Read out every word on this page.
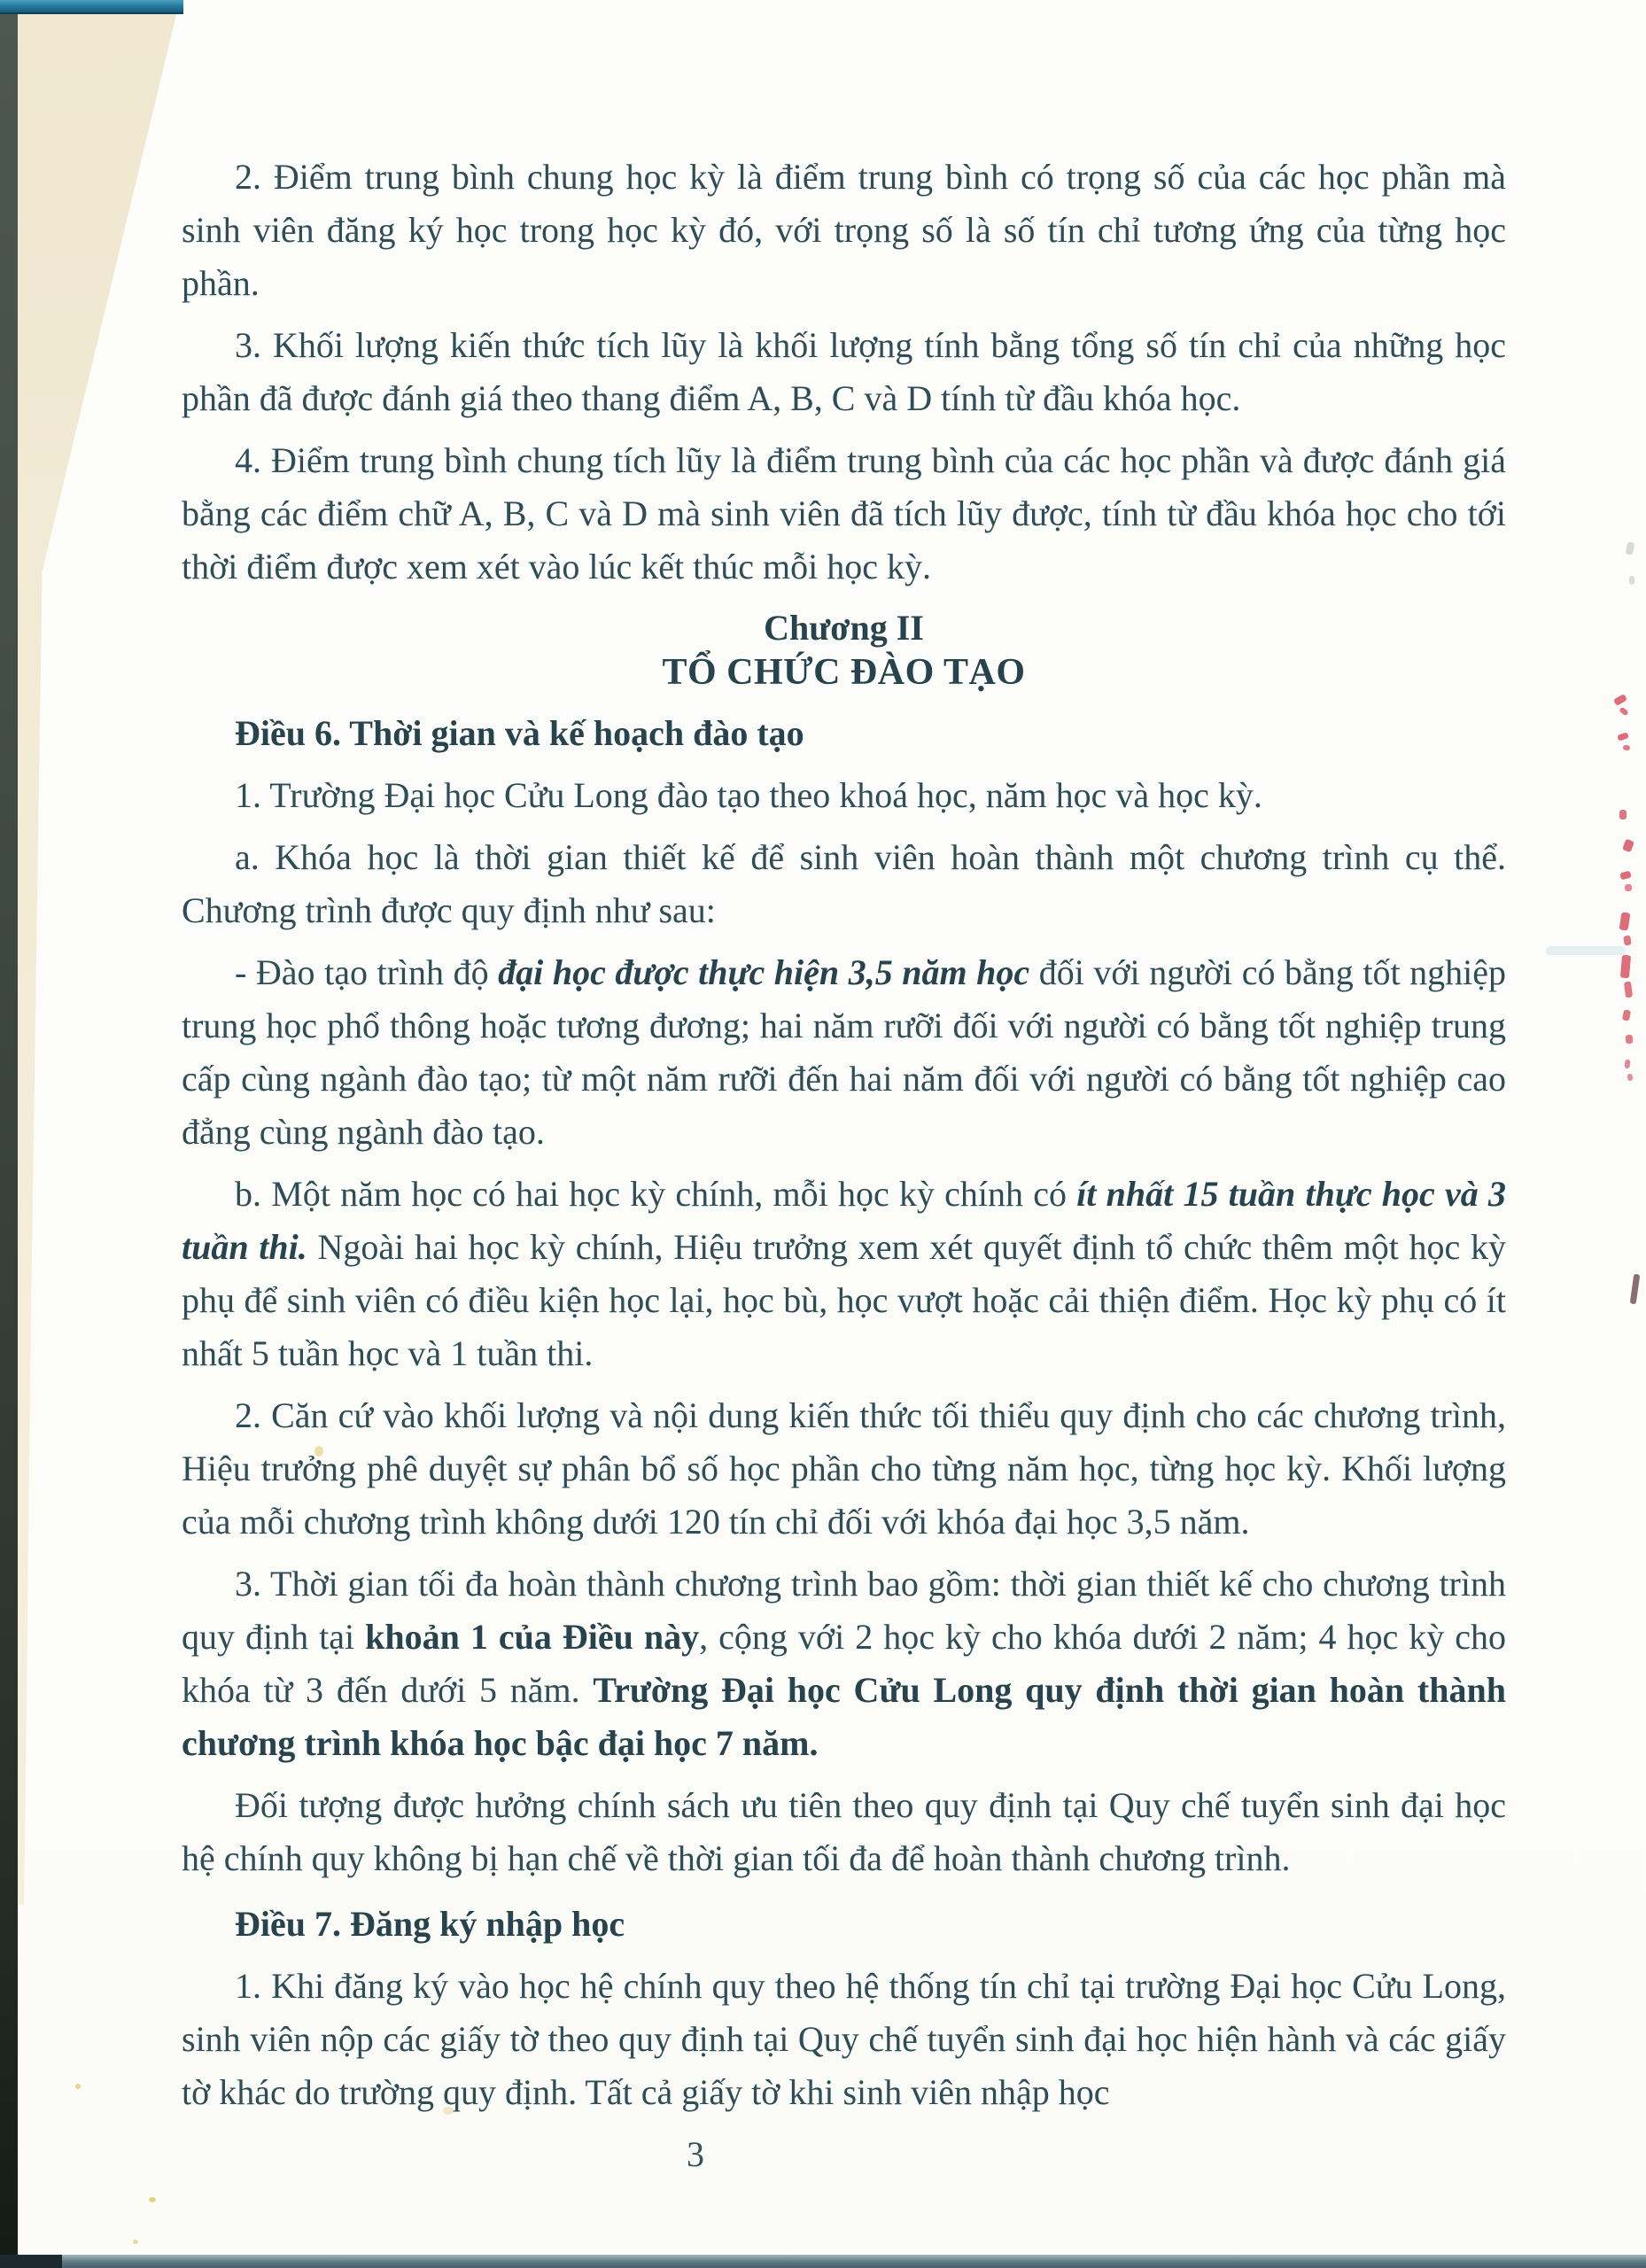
2. Điểm trung bình chung học kỳ là điểm trung bình có trọng số của các học phần mà sinh viên đăng ký học trong học kỳ đó, với trọng số là số tín chỉ tương ứng của từng học phần.

3. Khối lượng kiến thức tích lũy là khối lượng tính bằng tổng số tín chỉ của những học phần đã được đánh giá theo thang điểm A, B, C và D tính từ đầu khóa học.

4. Điểm trung bình chung tích lũy là điểm trung bình của các học phần và được đánh giá bằng các điểm chữ A, B, C và D mà sinh viên đã tích lũy được, tính từ đầu khóa học cho tới thời điểm được xem xét vào lúc kết thúc mỗi học kỳ.

Chương II
TỔ CHỨC ĐÀO TẠO

Điều 6. Thời gian và kế hoạch đào tạo

1. Trường Đại học Cửu Long đào tạo theo khoá học, năm học và học kỳ.

a. Khóa học là thời gian thiết kế để sinh viên hoàn thành một chương trình cụ thể. Chương trình được quy định như sau:

- Đào tạo trình độ đại học được thực hiện 3,5 năm học đối với người có bằng tốt nghiệp trung học phổ thông hoặc tương đương; hai năm rưỡi đối với người có bằng tốt nghiệp trung cấp cùng ngành đào tạo; từ một năm rưỡi đến hai năm đối với người có bằng tốt nghiệp cao đẳng cùng ngành đào tạo.

b. Một năm học có hai học kỳ chính, mỗi học kỳ chính có ít nhất 15 tuần thực học và 3 tuần thi. Ngoài hai học kỳ chính, Hiệu trưởng xem xét quyết định tổ chức thêm một học kỳ phụ để sinh viên có điều kiện học lại, học bù, học vượt hoặc cải thiện điểm. Học kỳ phụ có ít nhất 5 tuần học và 1 tuần thi.

2. Căn cứ vào khối lượng và nội dung kiến thức tối thiểu quy định cho các chương trình, Hiệu trưởng phê duyệt sự phân bổ số học phần cho từng năm học, từng học kỳ. Khối lượng của mỗi chương trình không dưới 120 tín chỉ đối với khóa đại học 3,5 năm.

3. Thời gian tối đa hoàn thành chương trình bao gồm: thời gian thiết kế cho chương trình quy định tại khoản 1 của Điều này, cộng với 2 học kỳ cho khóa dưới 2 năm; 4 học kỳ cho khóa từ 3 đến dưới 5 năm. Trường Đại học Cửu Long quy định thời gian hoàn thành chương trình khóa học bậc đại học 7 năm.

Đối tượng được hưởng chính sách ưu tiên theo quy định tại Quy chế tuyển sinh đại học hệ chính quy không bị hạn chế về thời gian tối đa để hoàn thành chương trình.

Điều 7. Đăng ký nhập học

1. Khi đăng ký vào học hệ chính quy theo hệ thống tín chỉ tại trường Đại học Cửu Long, sinh viên nộp các giấy tờ theo quy định tại Quy chế tuyển sinh đại học hiện hành và các giấy tờ khác do trường quy định. Tất cả giấy tờ khi sinh viên nhập học

3
